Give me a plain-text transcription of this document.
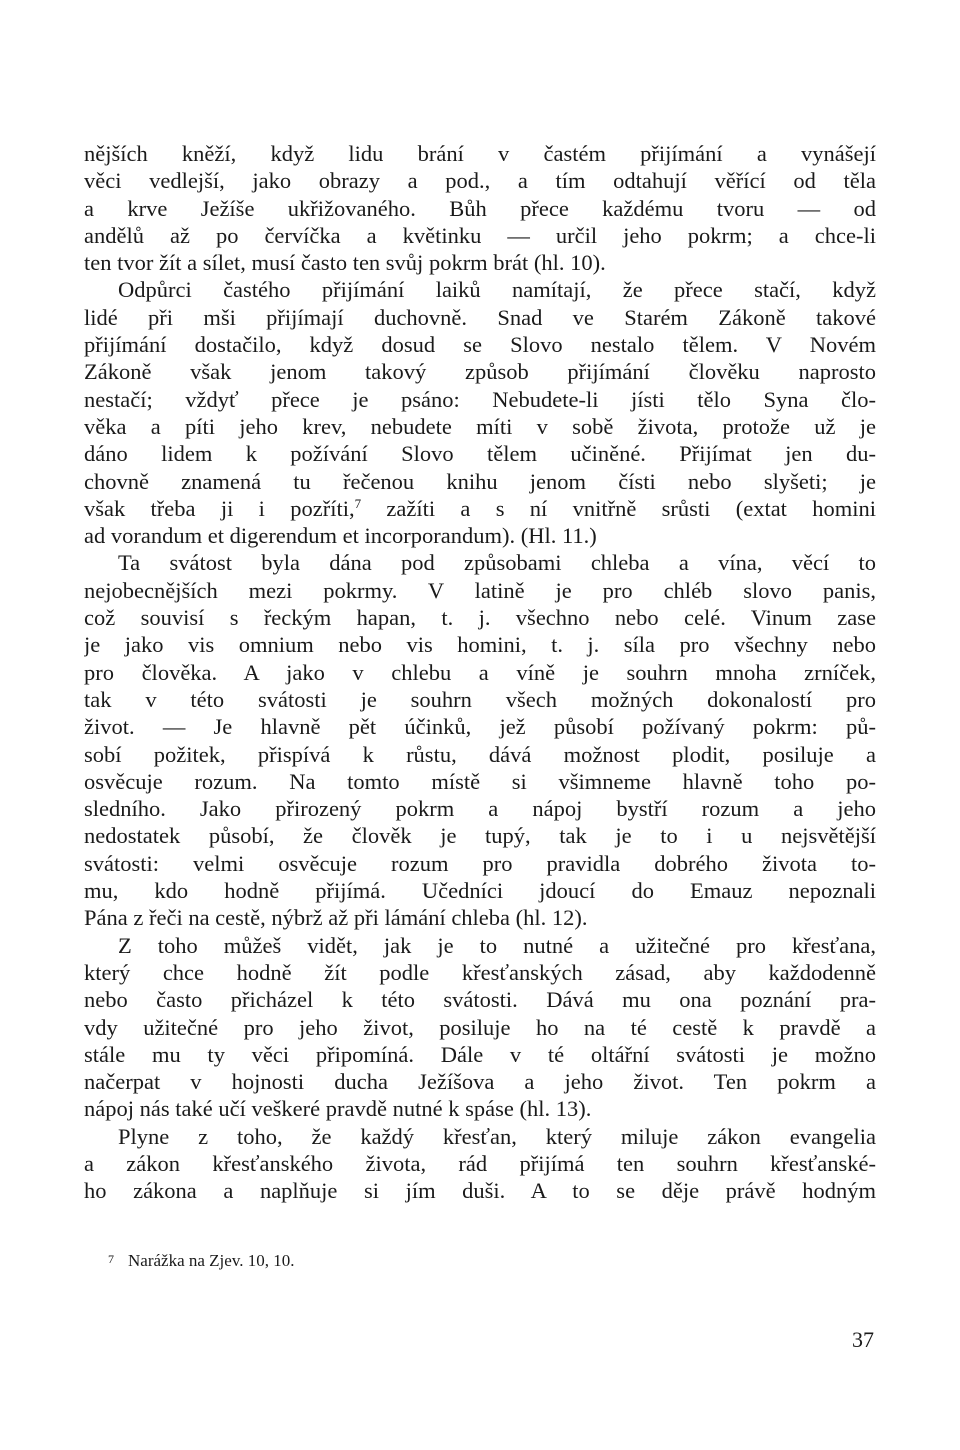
nějších kněží, když lidu brání v častém přijímání a vynášejí
věci vedlejší, jako obrazy a pod., a tím odtahují věřící od těla
a krve Ježíše ukřižovaného. Bůh přece každému tvoru — od
andělů až po červíčka a květinku — určil jeho pokrm; a chce-li
ten tvor žít a sílet, musí často ten svůj pokrm brát (hl. 10).
Odpůrci častého přijímání laiků namítají, že přece stačí, když
lidé při mši přijímají duchovně. Snad ve Starém Zákoně takové
přijímání dostačilo, když dosud se Slovo nestalo tělem. V Novém
Zákoně však jenom takový způsob přijímání člověku naprosto
nestačí; vždyť přece je psáno: Nebudete-li jísti tělo Syna člo-
věka a píti jeho krev, nebudete míti v sobě života, protože už je
dáno lidem k požívání Slovo tělem učiněné. Přijímat jen du-
chovně znamená tu řečenou knihu jenom čísti nebo slyšeti; je
však třeba ji i pozříti,$^7$ zažíti a s ní vnitřně srůsti (extat homini
ad vorandum et digerendum et incorporandum). (Hl. 11.)
Ta svátost byla dána pod způsobami chleba a vína, věcí to
nejobecnějších mezi pokrmy. V latině je pro chléb slovo panis,
což souvisí s řeckým hapan, t. j. všechno nebo celé. Vinum zase
je jako vis omnium nebo vis homini, t. j. síla pro všechny nebo
pro člověka. A jako v chlebu a víně je souhrn mnoha zrníček,
tak v této svátosti je souhrn všech možných dokonalostí pro
život. — Je hlavně pět účinků, jež působí požívaný pokrm: pů-
sobí požitek, přispívá k růstu, dává možnost plodit, posiluje a
osvěcuje rozum. Na tomto místě si všimneme hlavně toho po-
sledního. Jako přirozený pokrm a nápoj bystří rozum a jeho
nedostatek působí, že člověk je tupý, tak je to i u nejsvětější
svátosti: velmi osvěcuje rozum pro pravidla dobrého života to-
mu, kdo hodně přijímá. Učedníci jdoucí do Emauz nepoznali
Pána z řeči na cestě, nýbrž až při lámání chleba (hl. 12).
Z toho můžeš vidět, jak je to nutné a užitečné pro křesťana,
který chce hodně žít podle křesťanských zásad, aby každodenně
nebo často přicházel k této svátosti. Dává mu ona poznání pra-
vdy užitečné pro jeho život, posiluje ho na té cestě k pravdě a
stále mu ty věci připomíná. Dále v té oltářní svátosti je možno
načerpat v hojnosti ducha Ježíšova a jeho život. Ten pokrm a
nápoj nás také učí veškeré pravdě nutné k spáse (hl. 13).
Plyne z toho, že každý křesťan, který miluje zákon evangelia
a zákon křesťanského života, rád přijímá ten souhrn křesťanské-
ho zákona a naplňuje si jím duši. A to se děje právě hodným
$^7$ Narážka na Zjev. 10, 10.
37
